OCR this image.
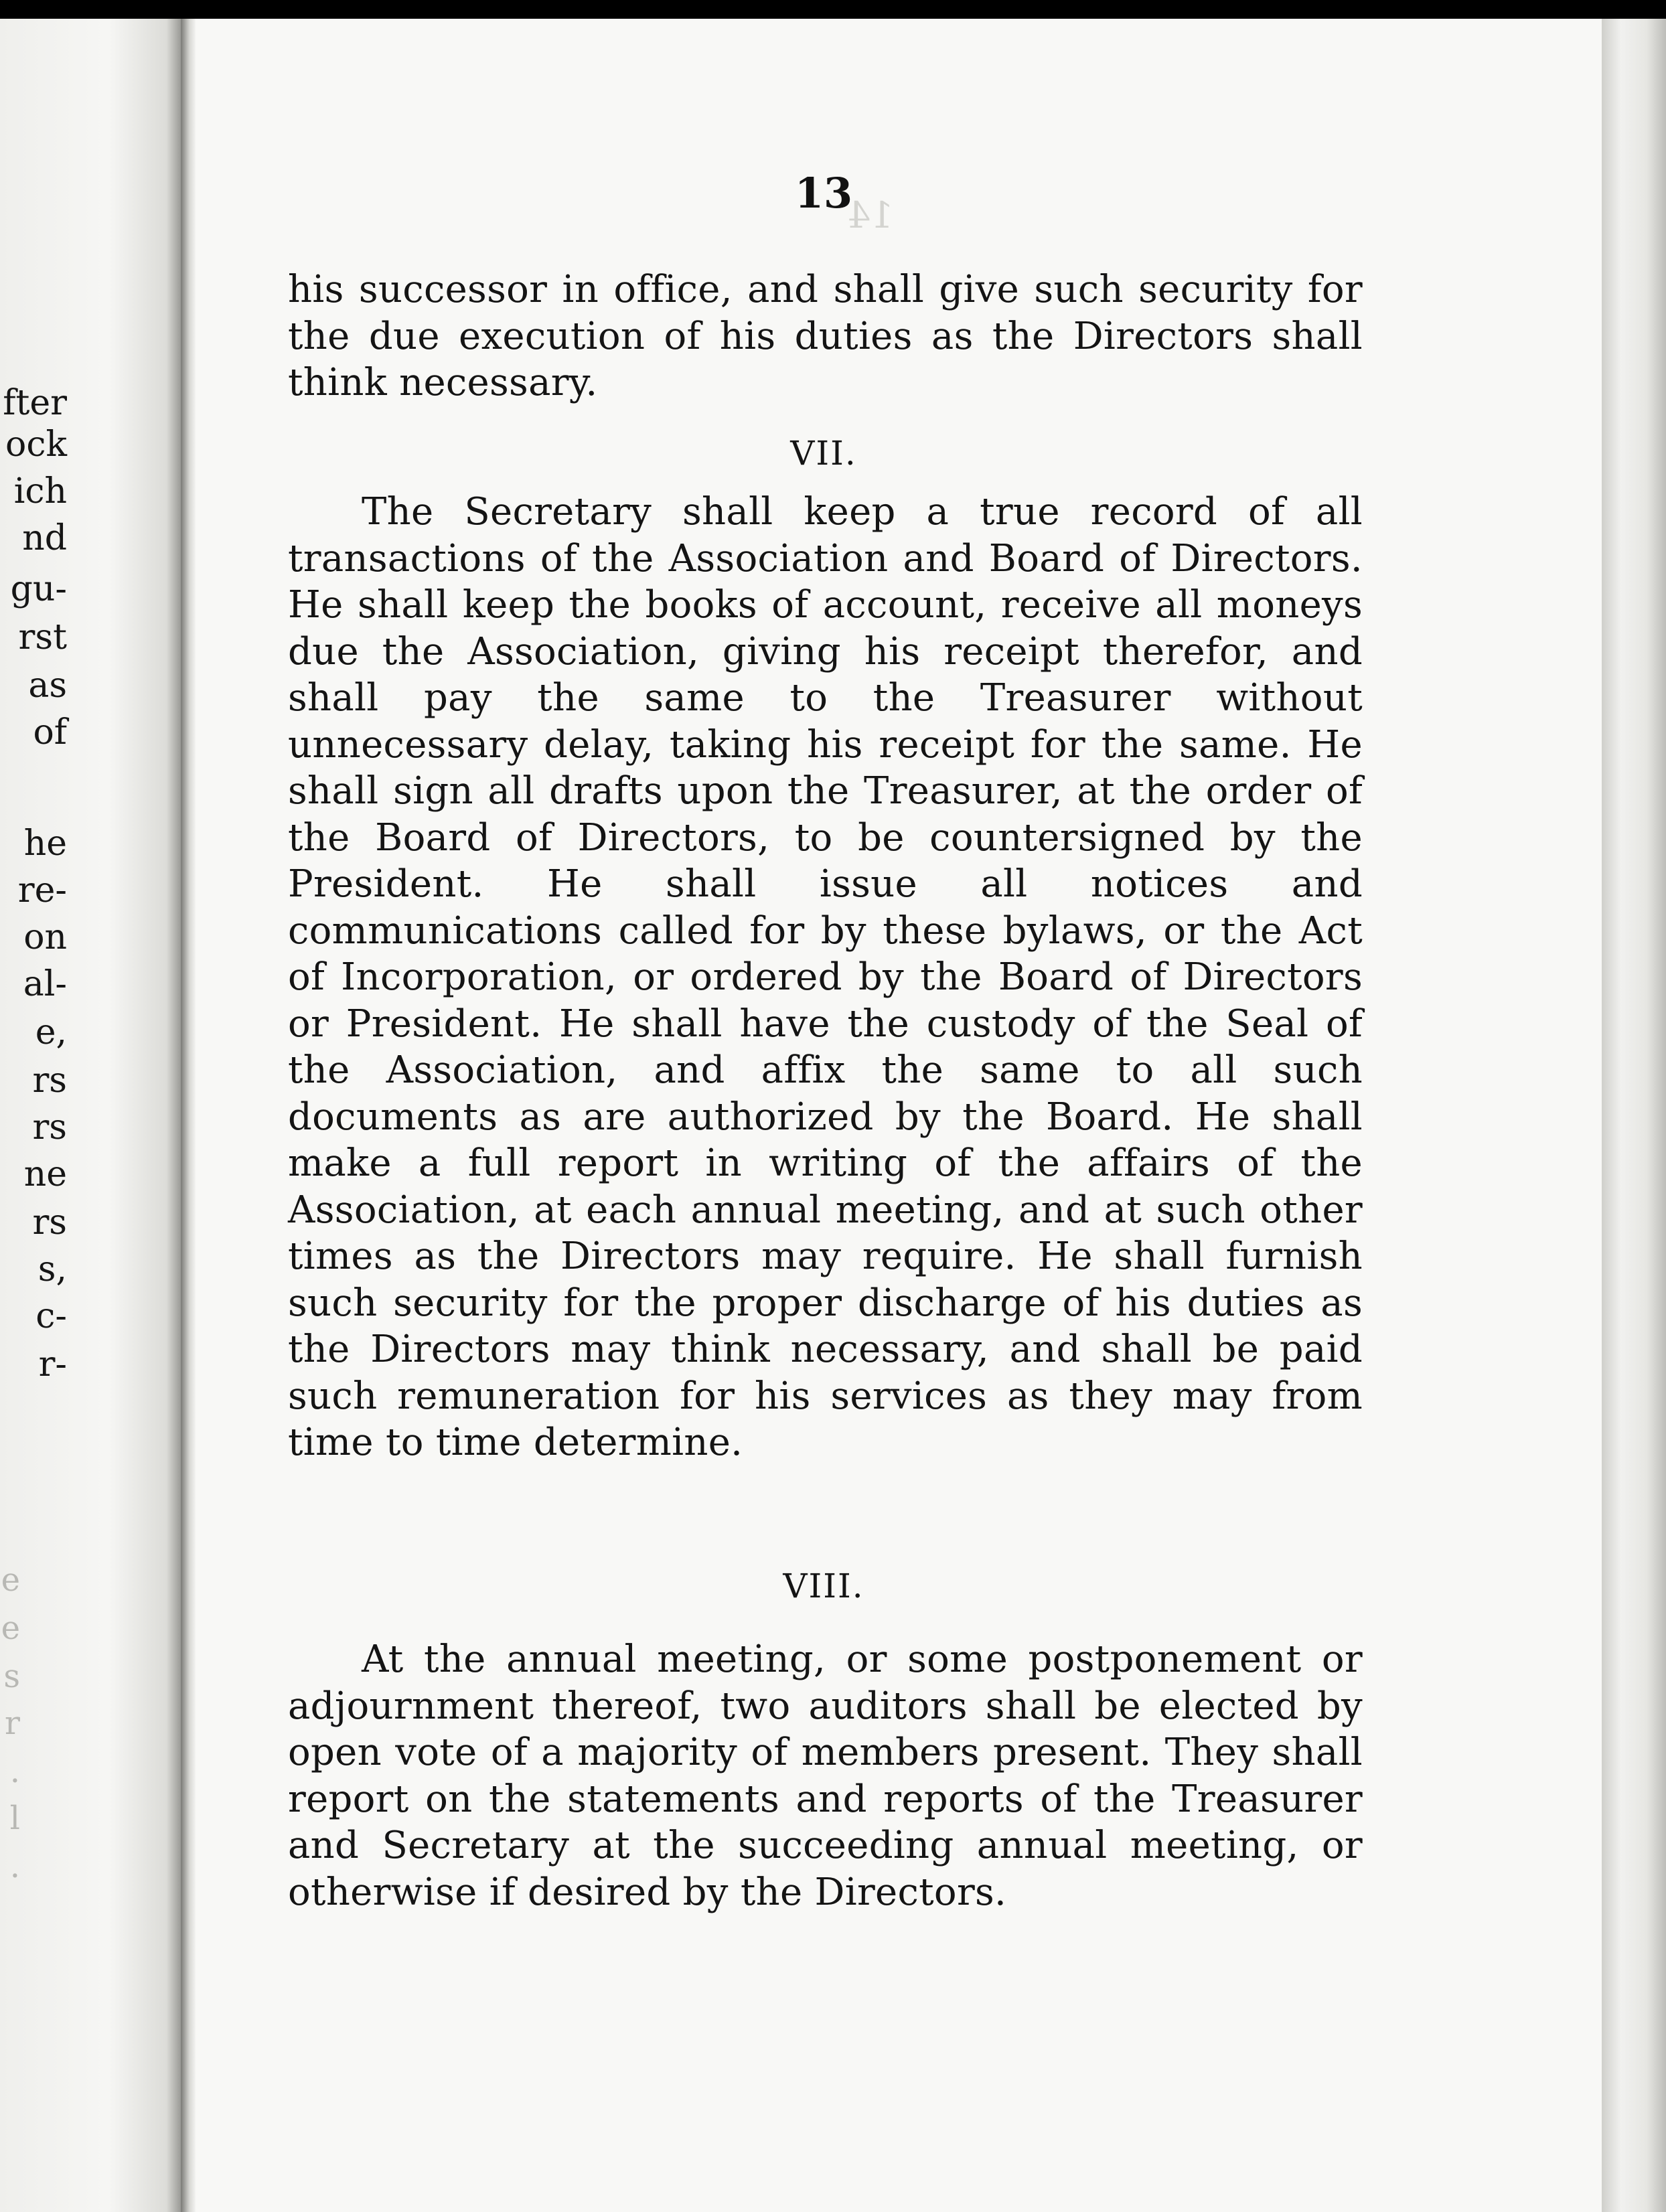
fter
ock
ich
nd
gu-
rst
as
of
he
re-
on
al-
e,
rs
rs
ne
rs
s,
c-
r-
e
e
s
r
.
l
.
14
13
his successor in office, and shall give such security for the due execution of his duties as the Directors shall think necessary.
VII.
The Secretary shall keep a true record of all transactions of the Association and Board of Directors. He shall keep the books of account, receive all moneys due the Association, giving his receipt therefor, and shall pay the same to the Treasurer without unnecessary delay, taking his receipt for the same. He shall sign all drafts upon the Treasurer, at the order of the Board of Directors, to be countersigned by the President. He shall issue all notices and communications called for by these bylaws, or the Act of Incorporation, or ordered by the Board of Directors or President. He shall have the custody of the Seal of the Association, and affix the same to all such documents as are authorized by the Board. He shall make a full report in writing of the affairs of the Association, at each annual meeting, and at such other times as the Directors may require. He shall furnish such security for the proper discharge of his duties as the Directors may think necessary, and shall be paid such remuneration for his services as they may from time to time determine.
VIII.
At the annual meeting, or some postponement or adjournment thereof, two auditors shall be elected by open vote of a majority of members present. They shall report on the statements and reports of the Treasurer and Secretary at the succeeding annual meeting, or otherwise if desired by the Directors.
